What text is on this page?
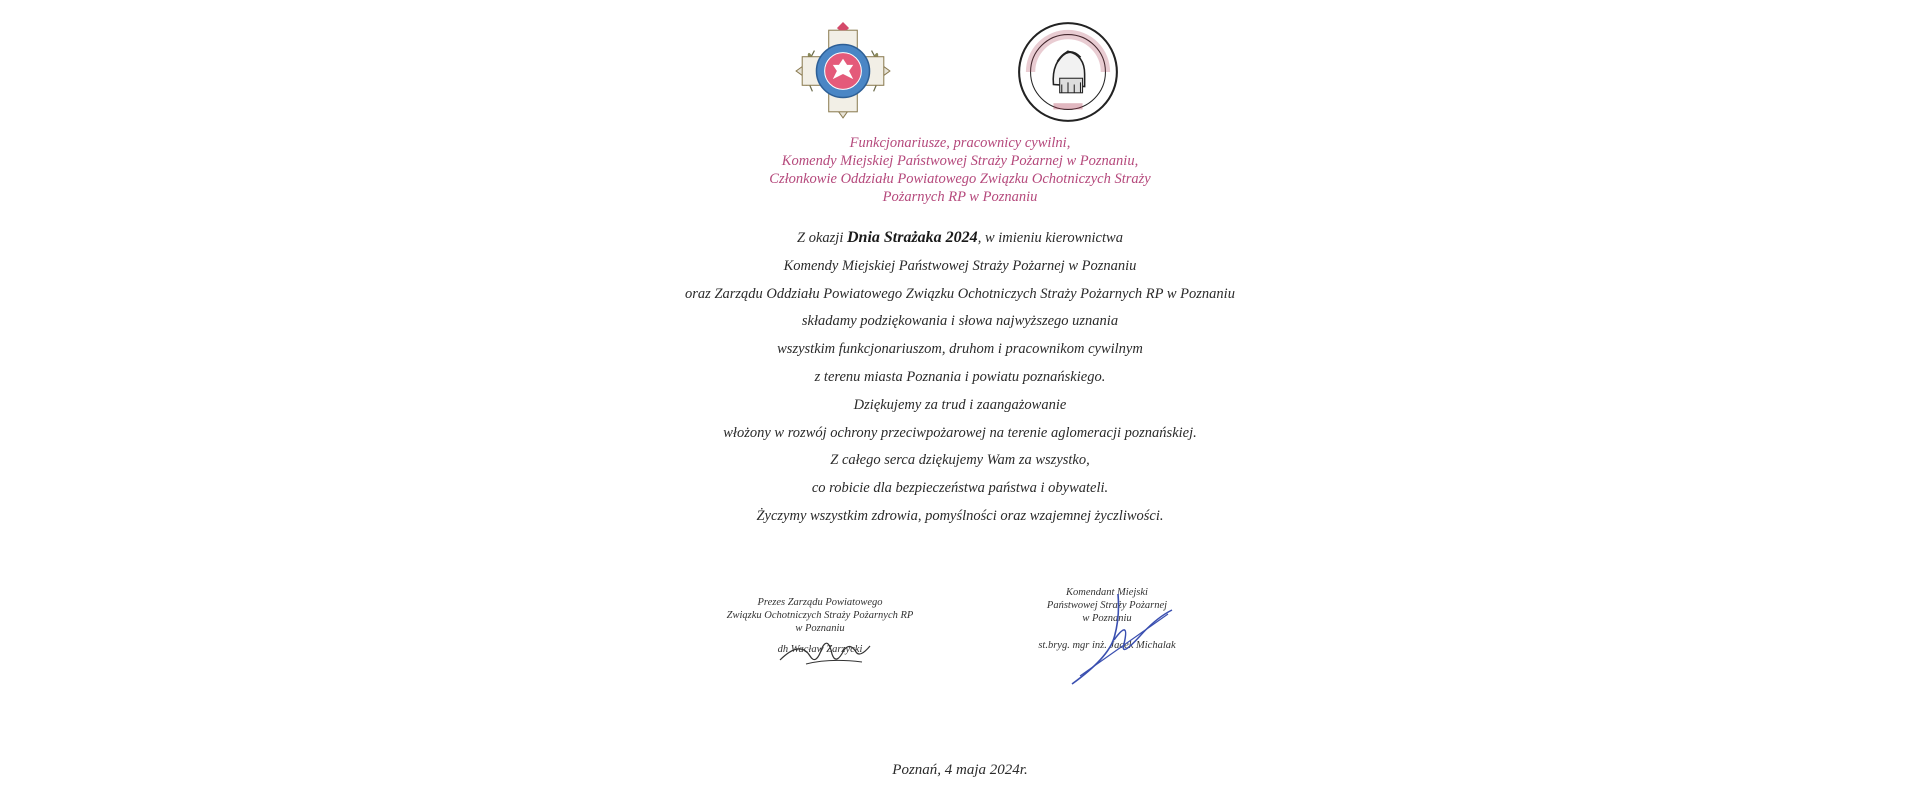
Funkcjonariusze, pracownicy cywilni,
Komendy Miejskiej Państwowej Straży Pożarnej w Poznaniu,
Członkowie Oddziału Powiatowego Związku Ochotniczych Straży
Pożarnych RP w Poznaniu
Z okazji Dnia Strażaka 2024, w imieniu kierownictwa
Komendy Miejskiej Państwowej Straży Pożarnej w Poznaniu
oraz Zarządu Oddziału Powiatowego Związku Ochotniczych Straży Pożarnych RP w Poznaniu
składamy podziękowania i słowa najwyższego uznania
wszystkim funkcjonariuszom, druhom i pracownikom cywilnym
z terenu miasta Poznania i powiatu poznańskiego.
Dziękujemy za trud i zaangażowanie
włożony w rozwój ochrony przeciwpożarowej na terenie aglomeracji poznańskiej.
Z całego serca dziękujemy Wam za wszystko,
co robicie dla bezpieczeństwa państwa i obywateli.
Życzymy wszystkim zdrowia, pomyślności oraz wzajemnej życzliwości.
Prezes Zarządu Powiatowego
Związku Ochotniczych Straży Pożarnych RP
w Poznaniu
dh Wacław Zarzycki
Komendant Miejski
Państwowej Straży Pożarnej
w Poznaniu
st.bryg. mgr inż. Jacek Michalak
Poznań, 4 maja 2024r.
